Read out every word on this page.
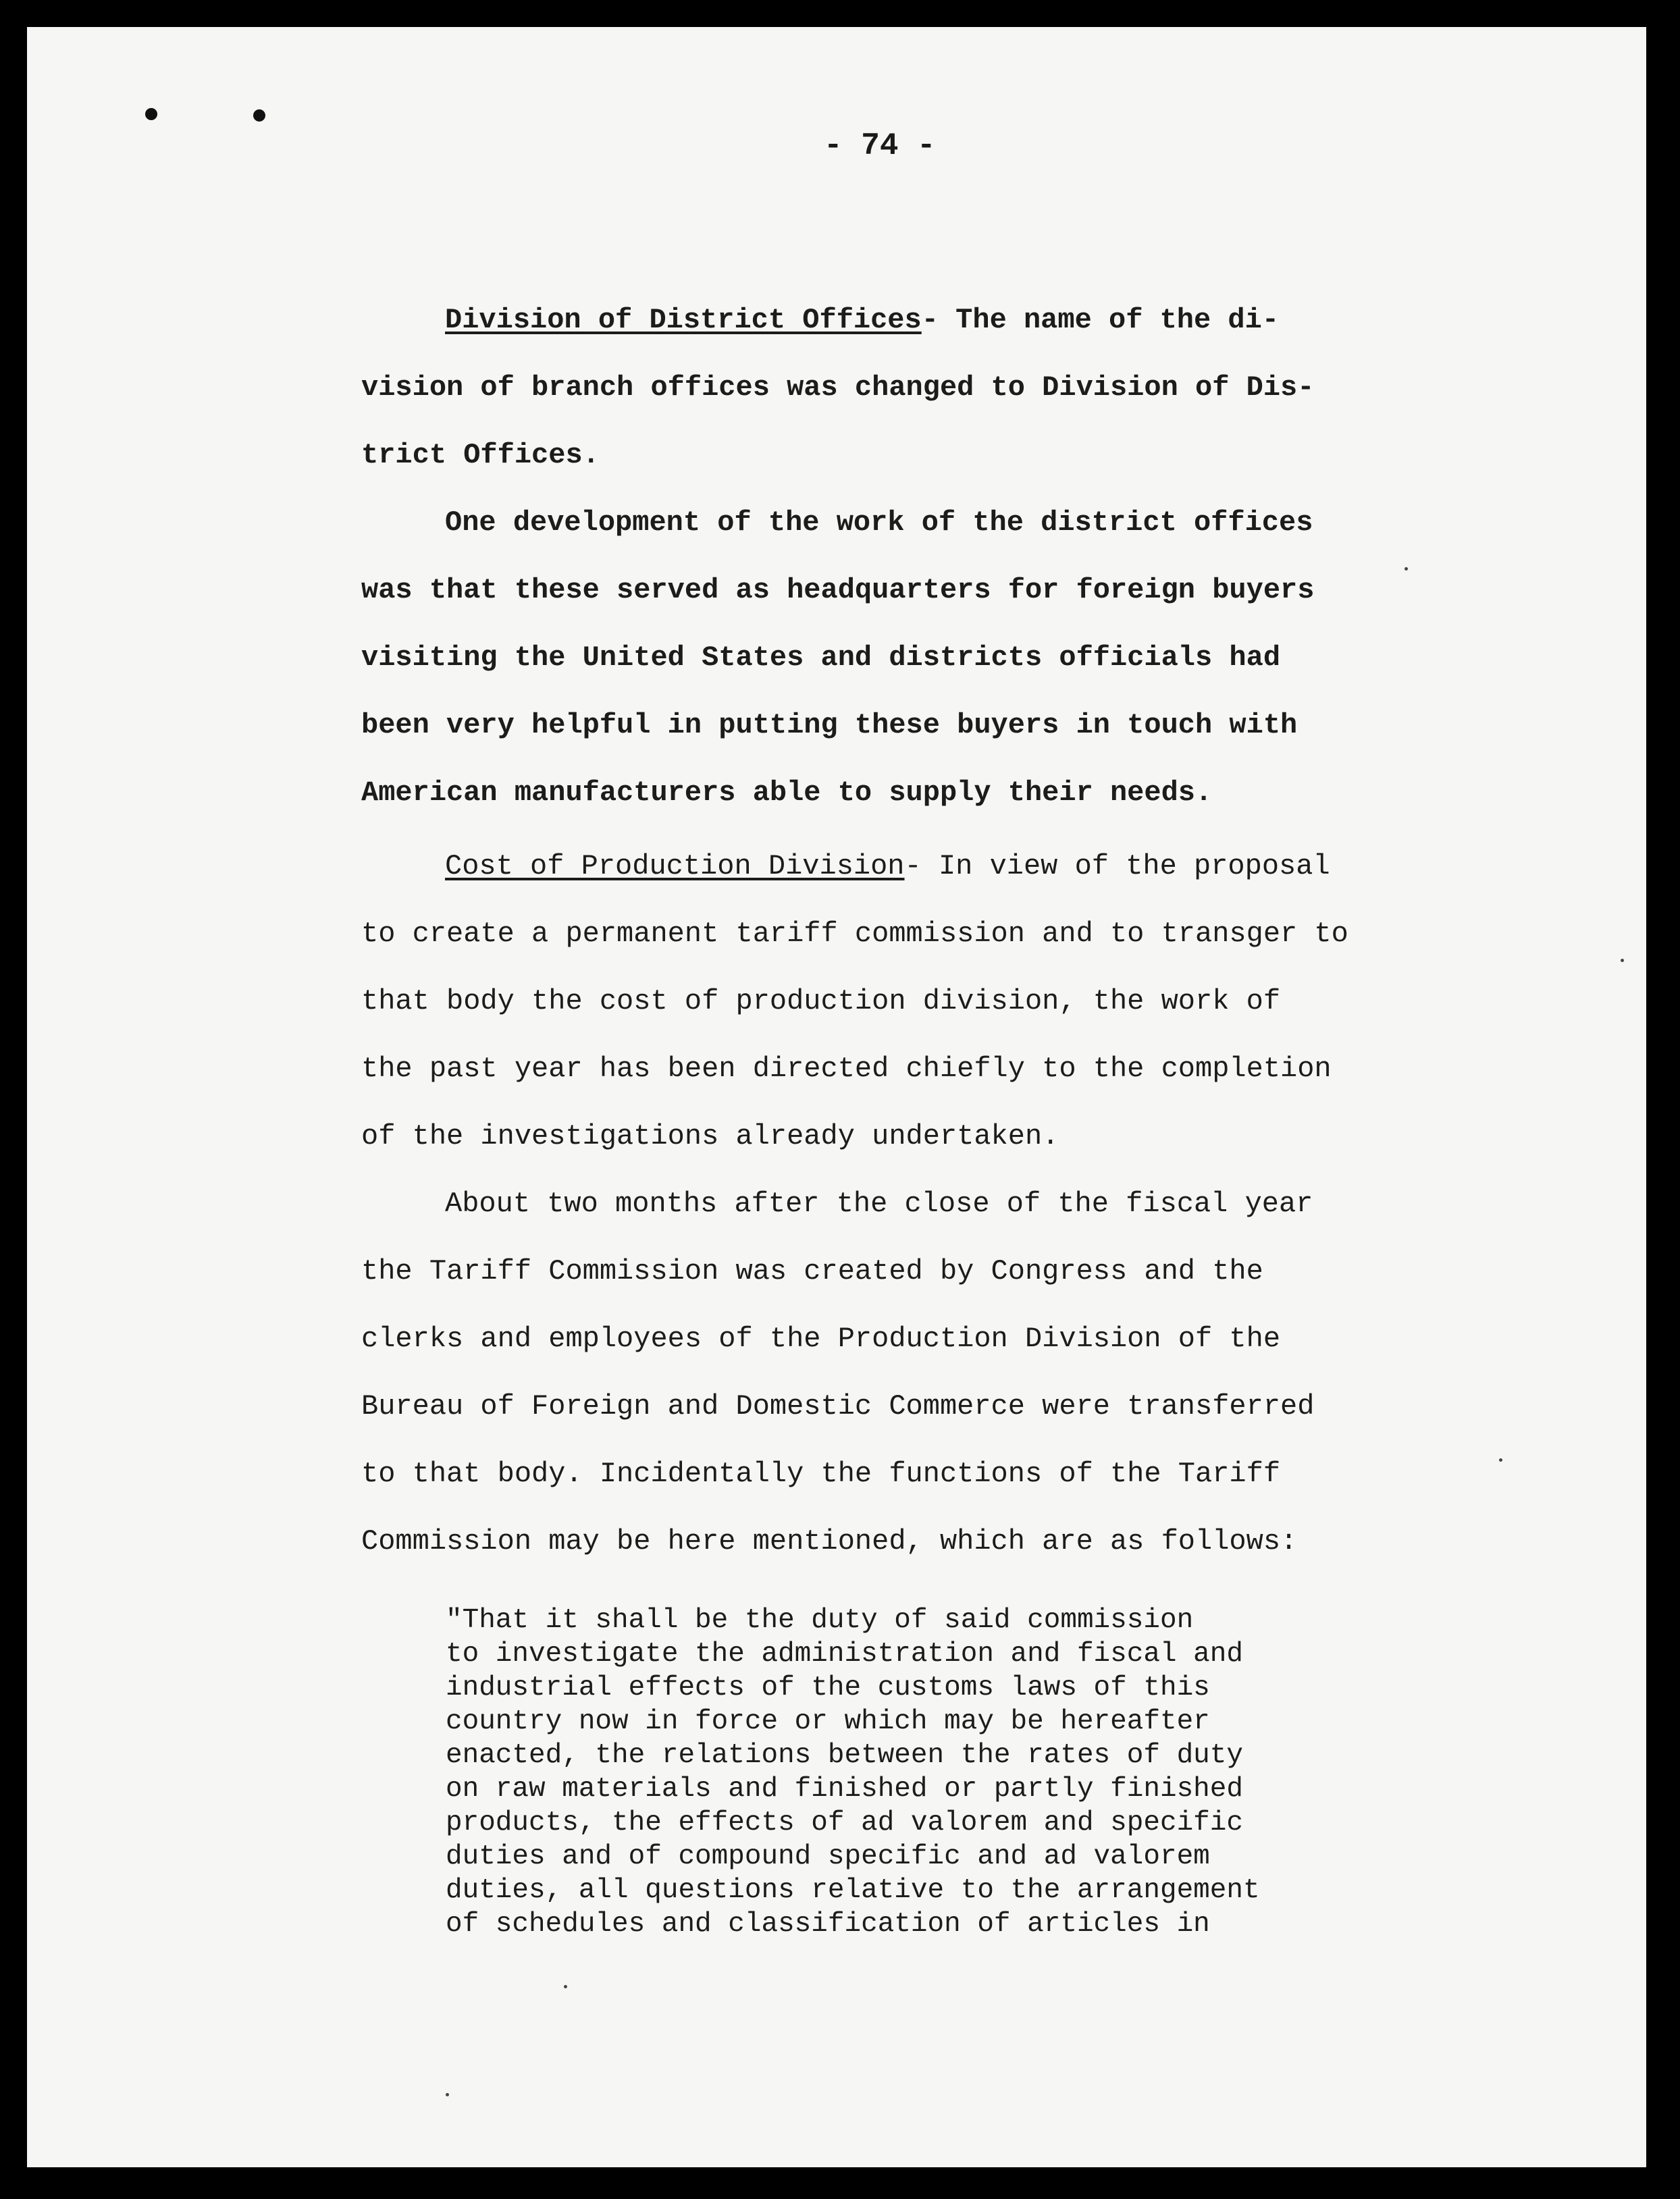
- 74 -

Division of District Offices- The name of the di-
vision of branch offices was changed to Division of Dis-
trict Offices.

One development of the work of the district offices
was that these served as headquarters for foreign buyers
visiting the United States and districts officials had
been very helpful in putting these buyers in touch with
American manufacturers able to supply their needs.

Cost of Production Division- In view of the proposal
to create a permanent tariff commission and to transger to
that body the cost of production division, the work of
the past year has been directed chiefly to the completion
of the investigations already undertaken.

About two months after the close of the fiscal year
the Tariff Commission was created by Congress and the
clerks and employees of the Production Division of the
Bureau of Foreign and Domestic Commerce were transferred
to that body. Incidentally the functions of the Tariff
Commission may be here mentioned, which are as follows:

"That it shall be the duty of said commission
to investigate the administration and fiscal and
industrial effects of the customs laws of this
country now in force or which may be hereafter
enacted, the relations between the rates of duty
on raw materials and finished or partly finished
products, the effects of ad valorem and specific
duties and of compound specific and ad valorem
duties, all questions relative to the arrangement
of schedules and classification of articles in
